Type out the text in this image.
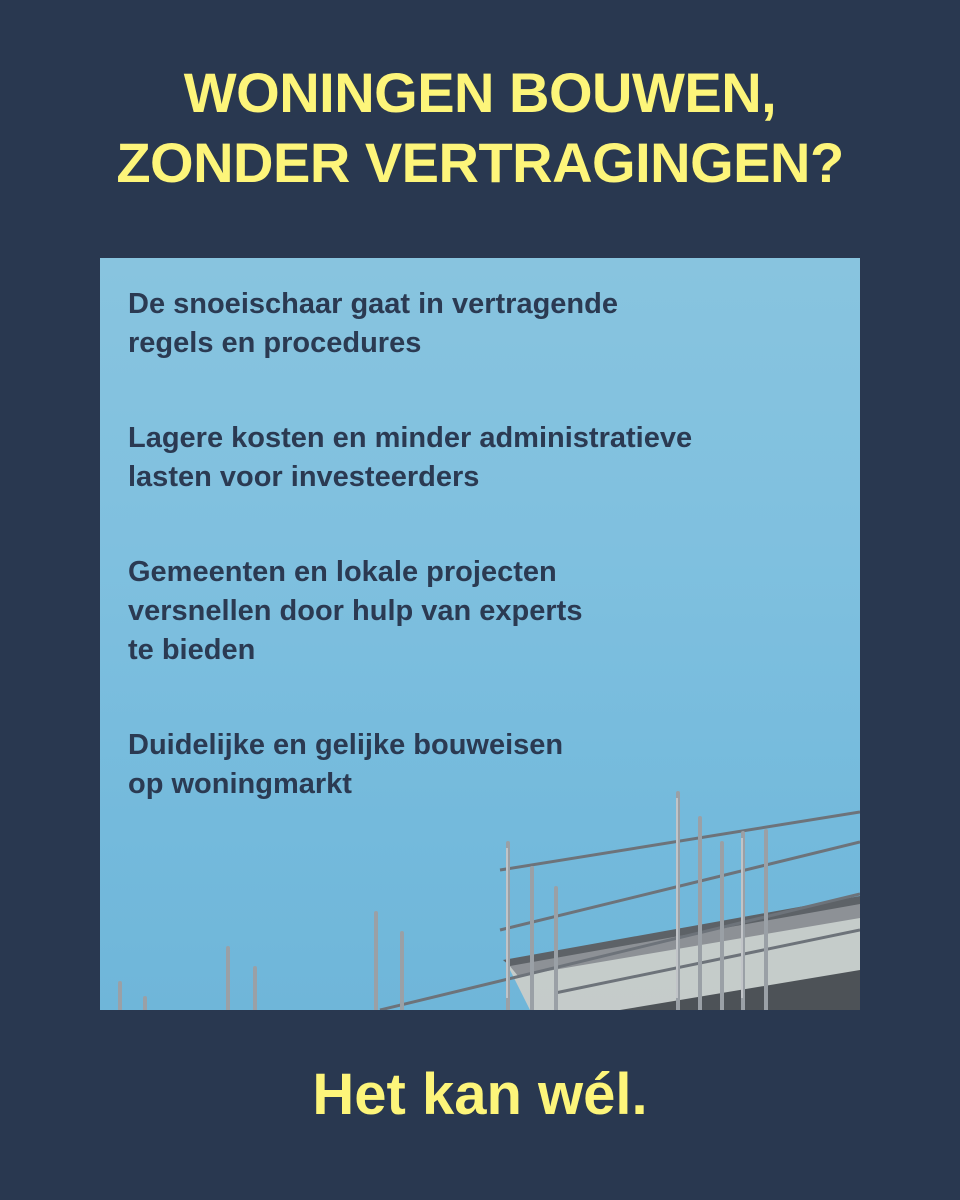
WONINGEN BOUWEN,
ZONDER VERTRAGINGEN?
De snoeischaar gaat in vertragende
regels en procedures
Lagere kosten en minder administratieve
lasten voor investeerders
Gemeenten en lokale projecten
versnellen door hulp van experts
te bieden
Duidelijke en gelijke bouweisen
op woningmarkt

Het kan wél.
